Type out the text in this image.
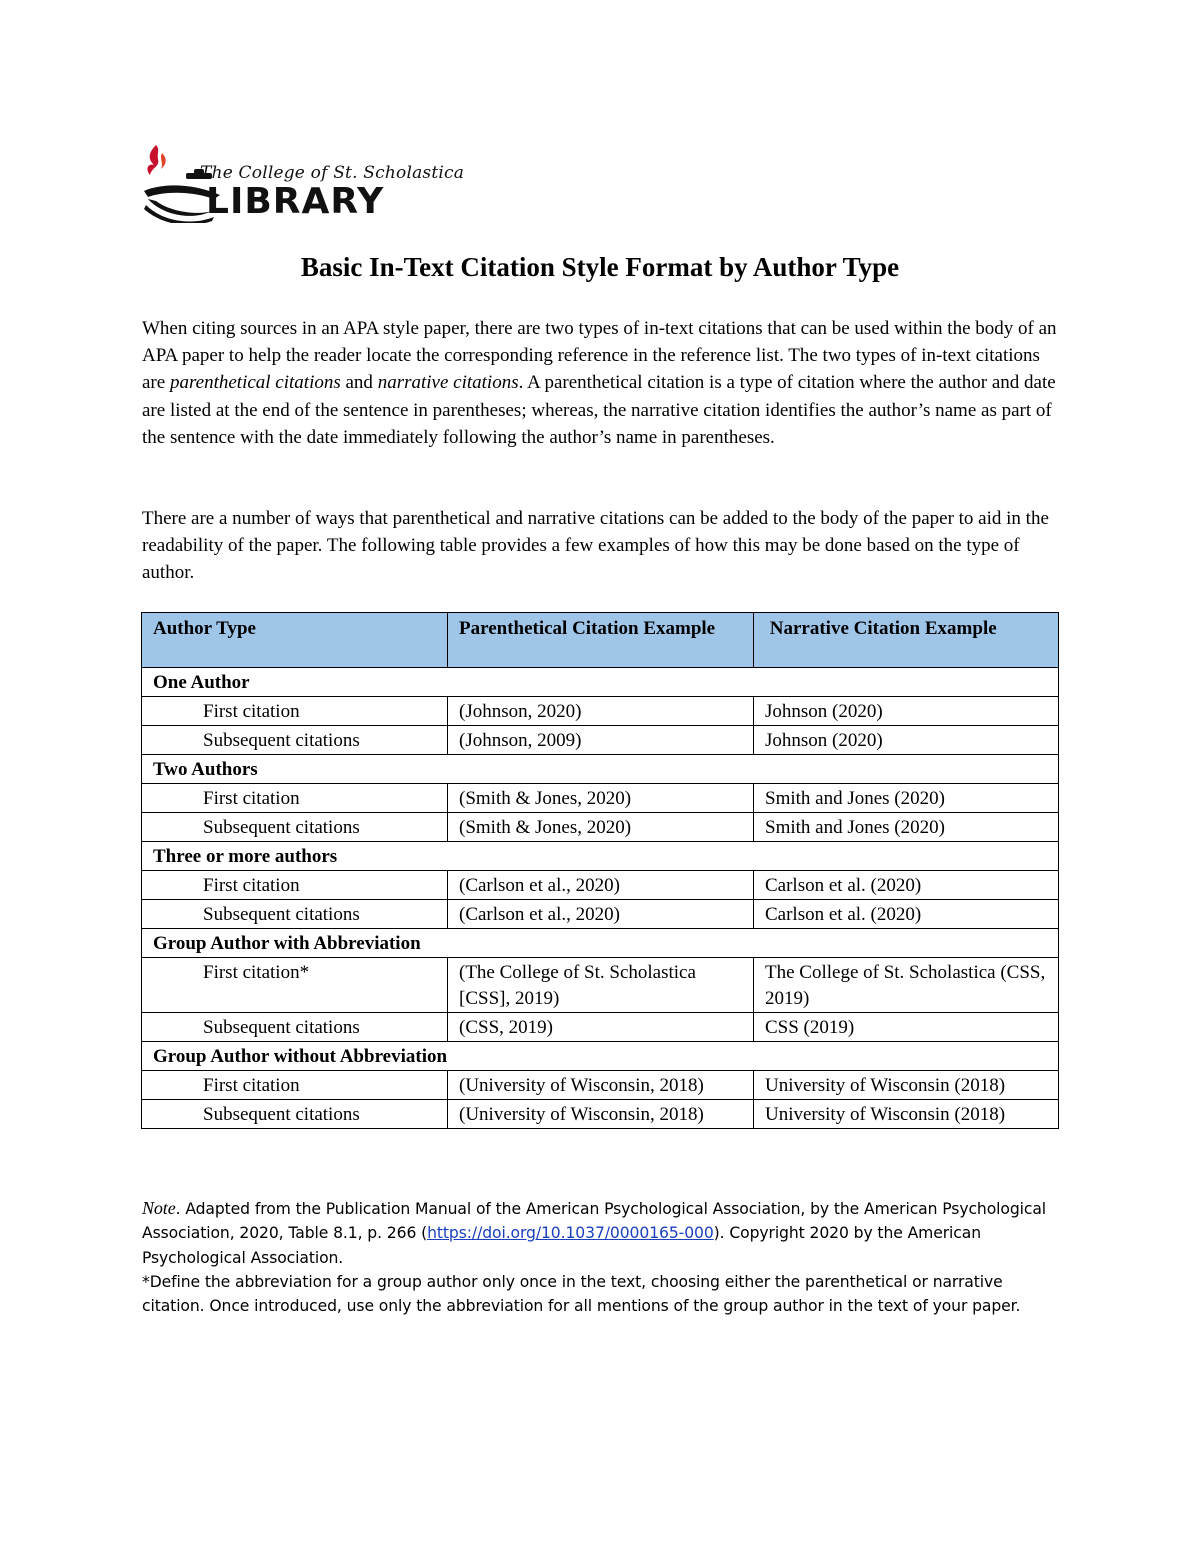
The College of St. Scholastica
LIBRARY
Basic In-Text Citation Style Format by Author Type

When citing sources in an APA style paper, there are two types of in-text citations that can be used within the body of an APA paper to help the reader locate the corresponding reference in the reference list. The two types of in-text citations are parenthetical citations and narrative citations. A parenthetical citation is a type of citation where the author and date are listed at the end of the sentence in parentheses; whereas, the narrative citation identifies the author’s name as part of the sentence with the date immediately following the author’s name in parentheses.

There are a number of ways that parenthetical and narrative citations can be added to the body of the paper to aid in the readability of the paper. The following table provides a few examples of how this may be done based on the type of author.

Author Type	Parenthetical Citation Example	Narrative Citation Example
One Author		
First citation	(Johnson, 2020)	Johnson (2020)
Subsequent citations	(Johnson, 2009)	Johnson (2020)
Two Authors		
First citation	(Smith & Jones, 2020)	Smith and Jones (2020)
Subsequent citations	(Smith & Jones, 2020)	Smith and Jones (2020)
Three or more authors		
First citation	(Carlson et al., 2020)	Carlson et al. (2020)
Subsequent citations	(Carlson et al., 2020)	Carlson et al. (2020)
Group Author with Abbreviation		
First citation*	(The College of St. Scholastica [CSS], 2019)	The College of St. Scholastica (CSS, 2019)
Subsequent citations	(CSS, 2019)	CSS (2019)
Group Author without Abbreviation		
First citation	(University of Wisconsin, 2018)	University of Wisconsin (2018)
Subsequent citations	(University of Wisconsin, 2018)	University of Wisconsin (2018)

Note. Adapted from the Publication Manual of the American Psychological Association, by the American Psychological Association, 2020, Table 8.1, p. 266 (https://doi.org/10.1037/0000165-000). Copyright 2020 by the American Psychological Association.
*Define the abbreviation for a group author only once in the text, choosing either the parenthetical or narrative citation. Once introduced, use only the abbreviation for all mentions of the group author in the text of your paper.
